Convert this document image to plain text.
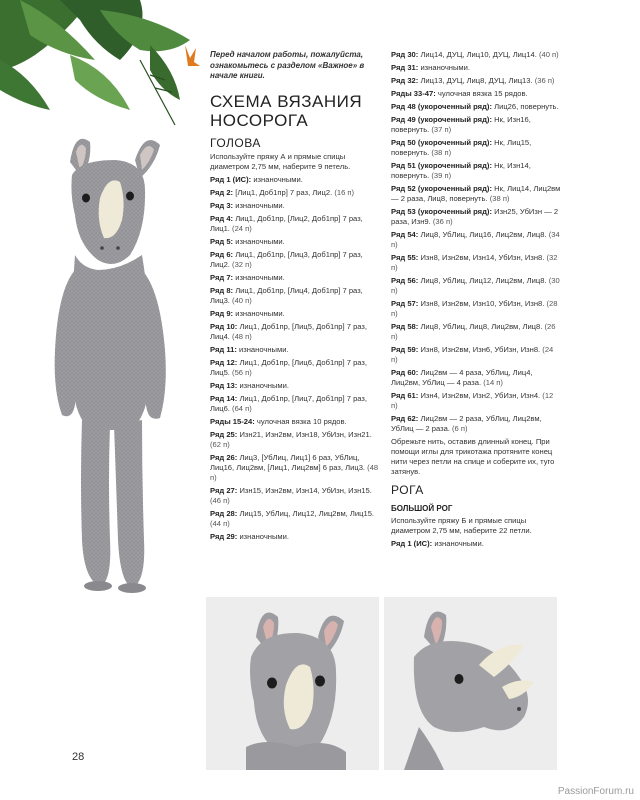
Перед началом работы, пожалуйста, ознакомьтесь с разделом «Важное» в начале книги.
СХЕМА ВЯЗАНИЯ
НОСОРОГА
ГОЛОВА
Используйте пряжу А и прямые спицы диаметром 2,75 мм, наберите 9 петель.
Ряд 1 (ИС): изнаночными.
Ряд 2: [Лиц1, Доб1пр] 7 раз, Лиц2. (16 п)
Ряд 3: изнаночными.
Ряд 4: Лиц1, Доб1пр, [Лиц2, Доб1пр] 7 раз, Лиц1. (24 п)
Ряд 5: изнаночными.
Ряд 6: Лиц1, Доб1пр, [Лиц3, Доб1пр] 7 раз, Лиц2. (32 п)
Ряд 7: изнаночными.
Ряд 8: Лиц1, Доб1пр, [Лиц4, Доб1пр] 7 раз, Лиц3. (40 п)
Ряд 9: изнаночными.
Ряд 10: Лиц1, Доб1пр, [Лиц5, Доб1пр] 7 раз, Лиц4. (48 п)
Ряд 11: изнаночными.
Ряд 12: Лиц1, Доб1пр, [Лиц6, Доб1пр] 7 раз, Лиц5. (56 п)
Ряд 13: изнаночными.
Ряд 14: Лиц1, Доб1пр, [Лиц7, Доб1пр] 7 раз, Лиц6. (64 п)
Ряды 15-24: чулочная вязка 10 рядов.
Ряд 25: Изн21, Изн2вм, Изн18, УбИзн, Изн21. (62 п)
Ряд 26: Лиц3, [УбЛиц, Лиц1] 6 раз, УбЛиц, Лиц16, Лиц2вм, [Лиц1, Лиц2вм] 6 раз, Лиц3. (48 п)
Ряд 27: Изн15, Изн2вм, Изн14, УбИзн, Изн15. (46 п)
Ряд 28: Лиц15, УбЛиц, Лиц12, Лиц2вм, Лиц15. (44 п)
Ряд 29: изнаночными.
Ряд 30: Лиц14, ДУЦ, Лиц10, ДУЦ, Лиц14. (40 п)
Ряд 31: изнаночными.
Ряд 32: Лиц13, ДУЦ, Лиц8, ДУЦ, Лиц13. (36 п)
Ряды 33-47: чулочная вязка 15 рядов.
Ряд 48 (укороченный ряд): Лиц26, повернуть.
Ряд 49 (укороченный ряд): Нк, Изн16, повернуть. (37 п)
Ряд 50 (укороченный ряд): Нк, Лиц15, повернуть. (38 п)
Ряд 51 (укороченный ряд): Нк, Изн14, повернуть. (39 п)
Ряд 52 (укороченный ряд): Нк, Лиц14, Лиц2вм — 2 раза, Лиц8, повернуть. (38 п)
Ряд 53 (укороченный ряд): Изн25, УбИзн — 2 раза, Изн9. (36 п)
Ряд 54: Лиц8, УбЛиц, Лиц16, Лиц2вм, Лиц8. (34 п)
Ряд 55: Изн8, Изн2вм, Изн14, УбИзн, Изн8. (32 п)
Ряд 56: Лиц8, УбЛиц, Лиц12, Лиц2вм, Лиц8. (30 п)
Ряд 57: Изн8, Изн2вм, Изн10, УбИзн, Изн8. (28 п)
Ряд 58: Лиц8, УбЛиц, Лиц8, Лиц2вм, Лиц8. (26 п)
Ряд 59: Изн8, Изн2вм, Изн6, УбИзн, Изн8. (24 п)
Ряд 60: Лиц2вм — 4 раза, УбЛиц, Лиц4, Лиц2вм, УбЛиц — 4 раза. (14 п)
Ряд 61: Изн4, Изн2вм, Изн2, УбИзн, Изн4. (12 п)
Ряд 62: Лиц2вм — 2 раза, УбЛиц, Лиц2вм, УбЛиц — 2 раза. (6 п)
Обрежьте нить, оставив длинный конец. При помощи иглы для трикотажа протяните конец нити через петли на спице и соберите их, туго затянув.
РОГА
БОЛЬШОЙ РОГ
Используйте пряжу Б и прямые спицы диаметром 2,75 мм, наберите 22 петли.
Ряд 1 (ИС): изнаночными.
28
PassionForum.ru
